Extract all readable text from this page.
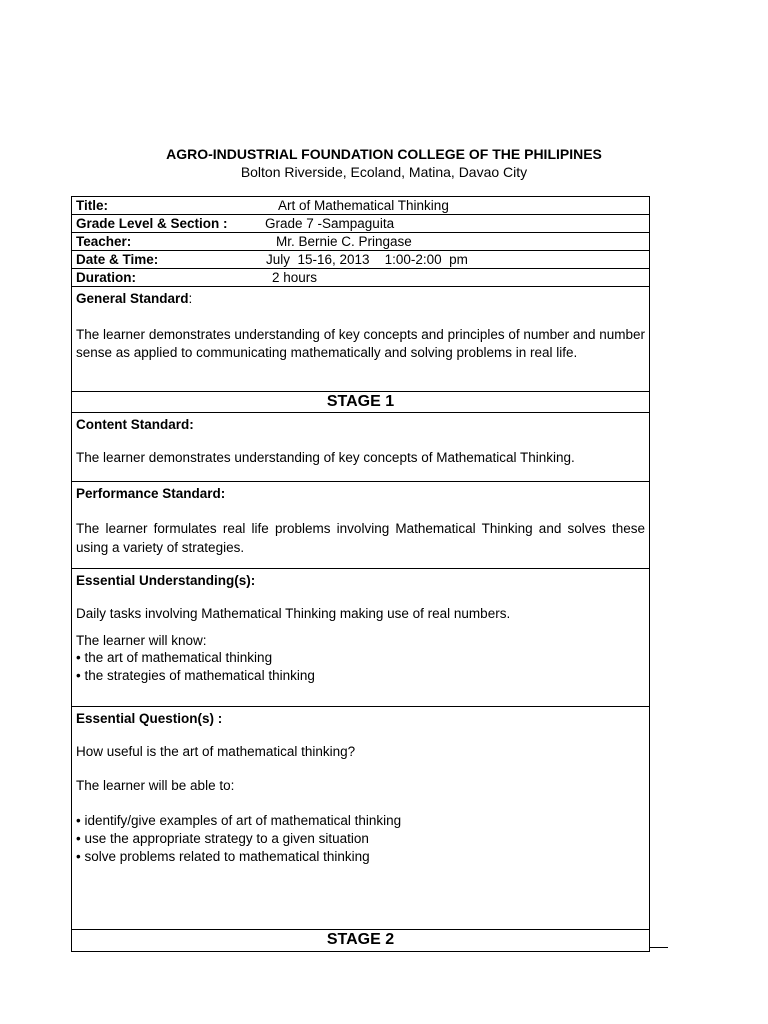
AGRO-INDUSTRIAL FOUNDATION COLLEGE OF THE PHILIPINES
Bolton Riverside, Ecoland, Matina, Davao City
Title:	Art of Mathematical Thinking
Grade Level & Section :	Grade 7 -Sampaguita
Teacher:	Mr. Bernie C. Pringase
Date & Time:	July  15-16, 2013    1:00-2:00  pm
Duration:	2 hours
General Standard:

The learner demonstrates understanding of key concepts and principles of number and number sense as applied to communicating mathematically and solving problems in real life.

STAGE 1
Content Standard:

The learner demonstrates understanding of key concepts of Mathematical Thinking.

Performance Standard:

The learner formulates real life problems involving Mathematical Thinking and solves these using a variety of strategies.

Essential Understanding(s):

Daily tasks involving Mathematical Thinking making use of real numbers.

The learner will know:

• the art of mathematical thinking

• the strategies of mathematical thinking

Essential Question(s) :

How useful is the art of mathematical thinking?

The learner will be able to:

• identify/give examples of art of mathematical thinking

• use the appropriate strategy to a given situation

• solve problems related to mathematical thinking

STAGE 2
